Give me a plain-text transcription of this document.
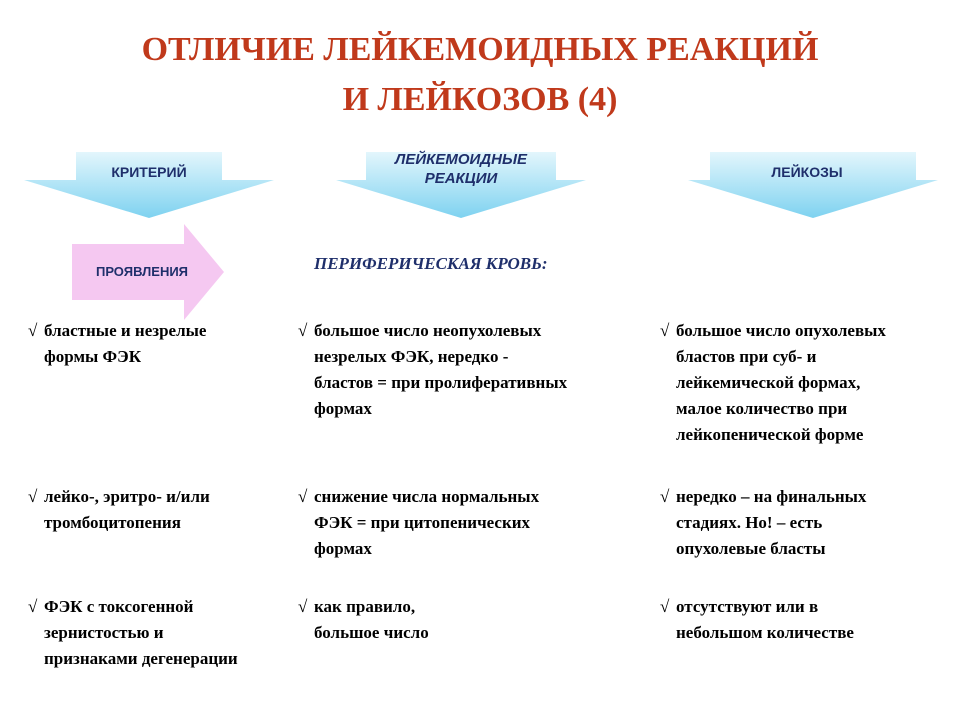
ОТЛИЧИЕ ЛЕЙКЕМОИДНЫХ РЕАКЦИЙ
И ЛЕЙКОЗОВ (4)
КРИТЕРИЙ
ЛЕЙКЕМОИДНЫЕ
РЕАКЦИИ	ЛЕЙКОЗЫ
ПРОЯВЛЕНИЯ	ПЕРИФЕРИЧЕСКАЯ КРОВЬ:
√ бластные и незрелые
формы ФЭК
√ большое число неопухолевых
незрелых ФЭК, нередко -
бластов = при пролиферативных
формах
√ большое число опухолевых
бластов при суб- и
лейкемической формах,
малое количество при
лейкопенической форме
√ лейко-, эритро- и/или
тромбоцитопения
√ снижение числа нормальных
ФЭК = при цитопенических
формах
√ нередко – на финальных
стадиях. Но! – есть
опухолевые бласты
√ ФЭК с токсогенной
зернистостью и
признаками дегенерации
√ как правило,
большое число
√ отсутствуют или в
небольшом количестве
